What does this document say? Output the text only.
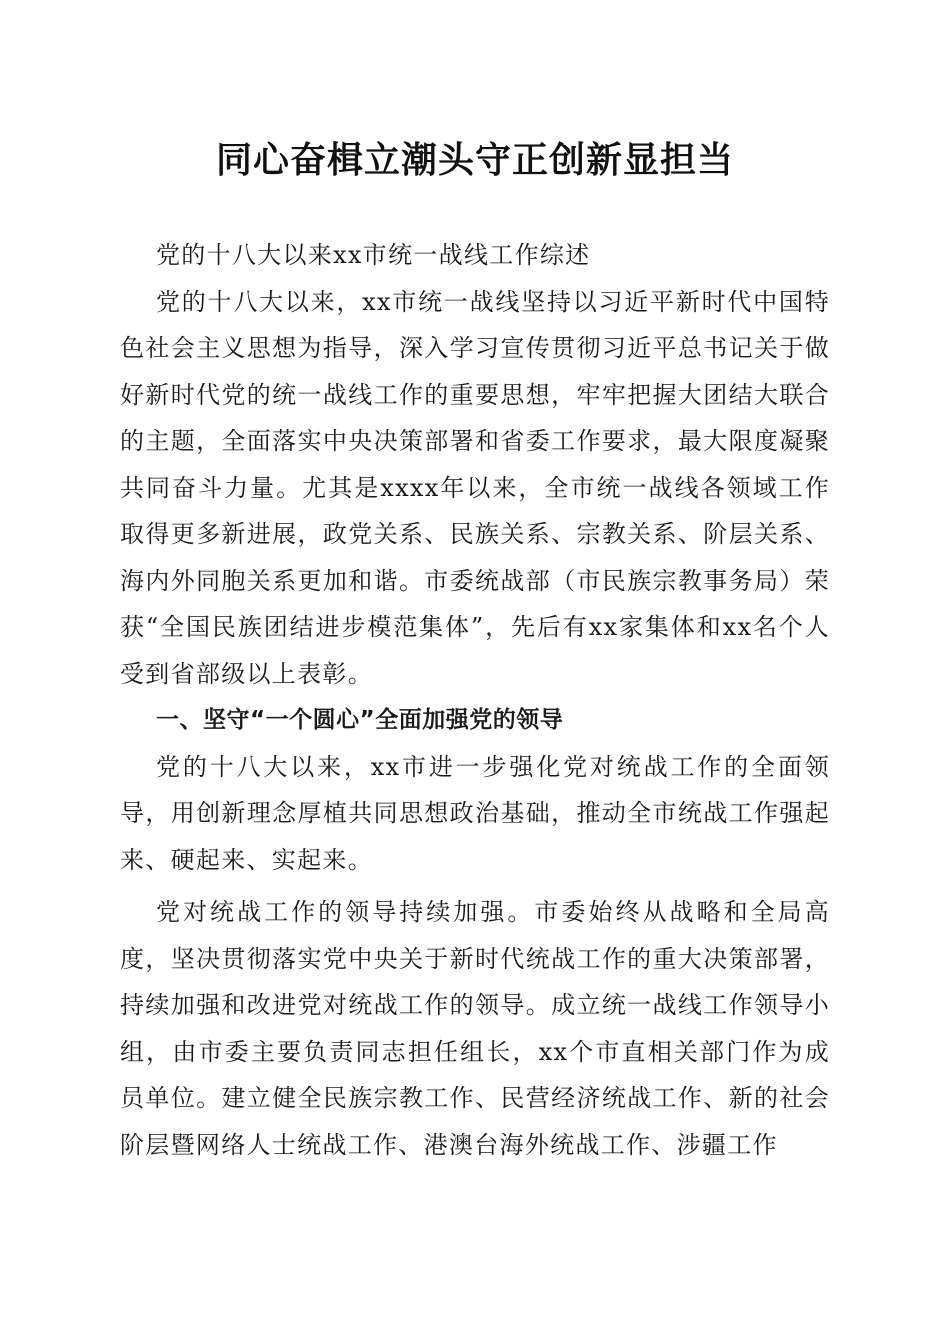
同心奋楫立潮头守正创新显担当

党的十八大以来xx市统一战线工作综述

党的十八大以来，xx市统一战线坚持以习近平新时代中国特色社会主义思想为指导，深入学习宣传贯彻习近平总书记关于做好新时代党的统一战线工作的重要思想，牢牢把握大团结大联合的主题，全面落实中央决策部署和省委工作要求，最大限度凝聚共同奋斗力量。尤其是xxxx年以来，全市统一战线各领域工作取得更多新进展，政党关系、民族关系、宗教关系、阶层关系、海内外同胞关系更加和谐。市委统战部（市民族宗教事务局）荣获“全国民族团结进步模范集体”，先后有xx家集体和xx名个人受到省部级以上表彰。

一、坚守“一个圆心”全面加强党的领导

党的十八大以来，xx市进一步强化党对统战工作的全面领导，用创新理念厚植共同思想政治基础，推动全市统战工作强起来、硬起来、实起来。

党对统战工作的领导持续加强。市委始终从战略和全局高度，坚决贯彻落实党中央关于新时代统战工作的重大决策部署，持续加强和改进党对统战工作的领导。成立统一战线工作领导小组，由市委主要负责同志担任组长，xx个市直相关部门作为成员单位。建立健全民族宗教工作、民营经济统战工作、新的社会阶层暨网络人士统战工作、港澳台海外统战工作、涉疆工作
